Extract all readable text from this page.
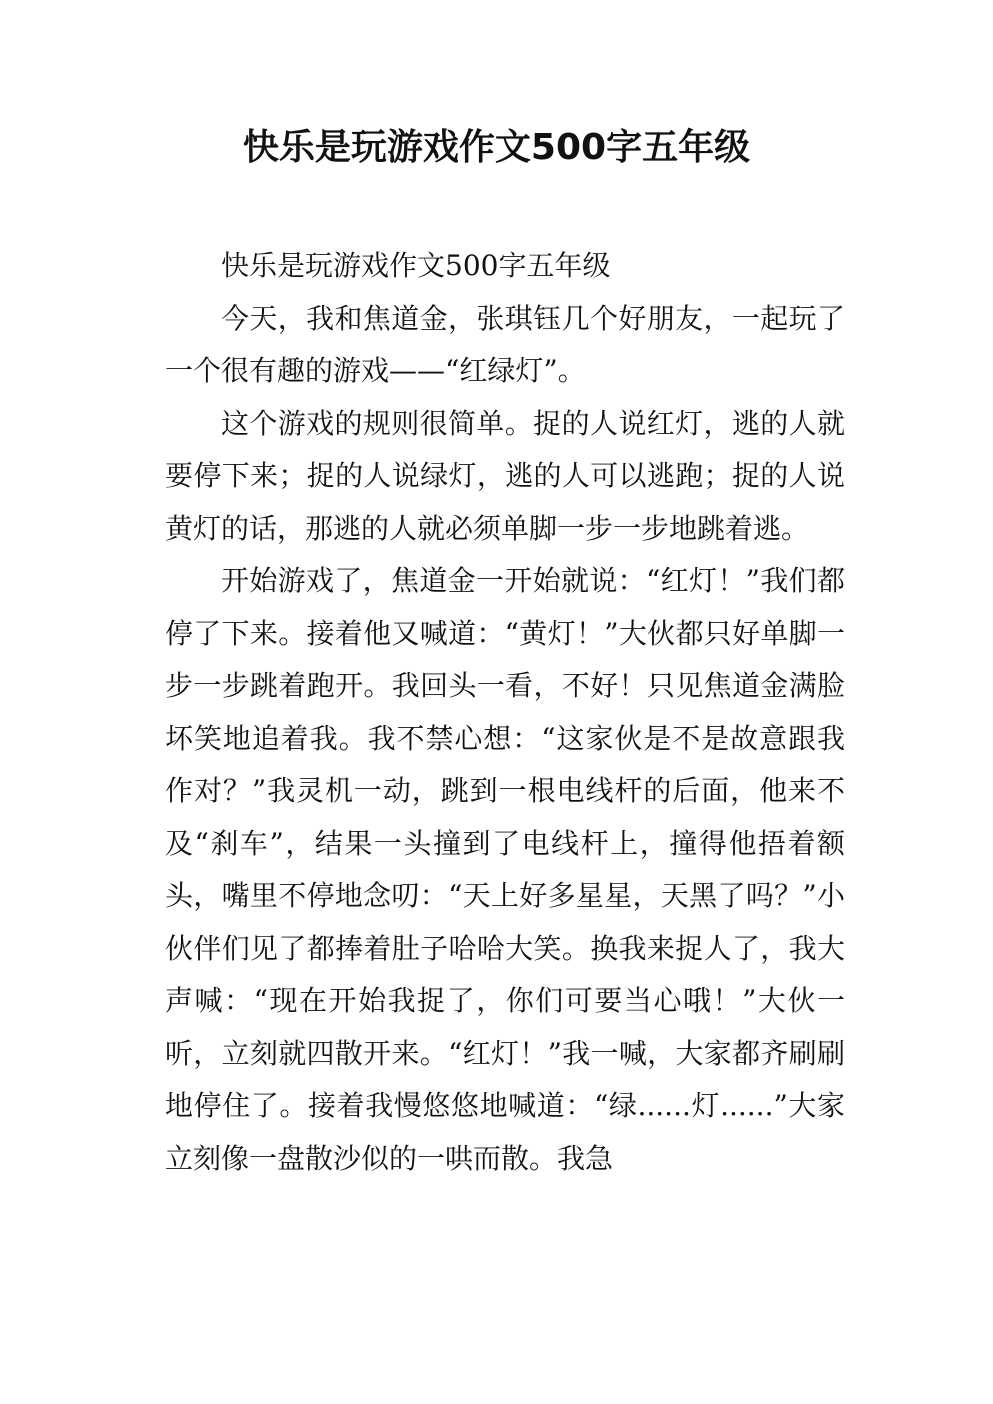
快乐是玩游戏作文500字五年级

快乐是玩游戏作文500字五年级

今天，我和焦道金，张琪钰几个好朋友，一起玩了一个很有趣的游戏——“红绿灯”。

这个游戏的规则很简单。捉的人说红灯，逃的人就要停下来；捉的人说绿灯，逃的人可以逃跑；捉的人说黄灯的话，那逃的人就必须单脚一步一步地跳着逃。

开始游戏了，焦道金一开始就说：“红灯！”我们都停了下来。接着他又喊道：“黄灯！”大伙都只好单脚一步一步跳着跑开。我回头一看，不好！只见焦道金满脸坏笑地追着我。我不禁心想：“这家伙是不是故意跟我作对？”我灵机一动，跳到一根电线杆的后面，他来不及“刹车”，结果一头撞到了电线杆上，撞得他捂着额头，嘴里不停地念叨：“天上好多星星，天黑了吗？”小伙伴们见了都捧着肚子哈哈大笑。换我来捉人了，我大声喊：“现在开始我捉了，你们可要当心哦！”大伙一听，立刻就四散开来。“红灯！”我一喊，大家都齐刷刷地停住了。接着我慢悠悠地喊道：“绿......灯......”大家立刻像一盘散沙似的一哄而散。我急
